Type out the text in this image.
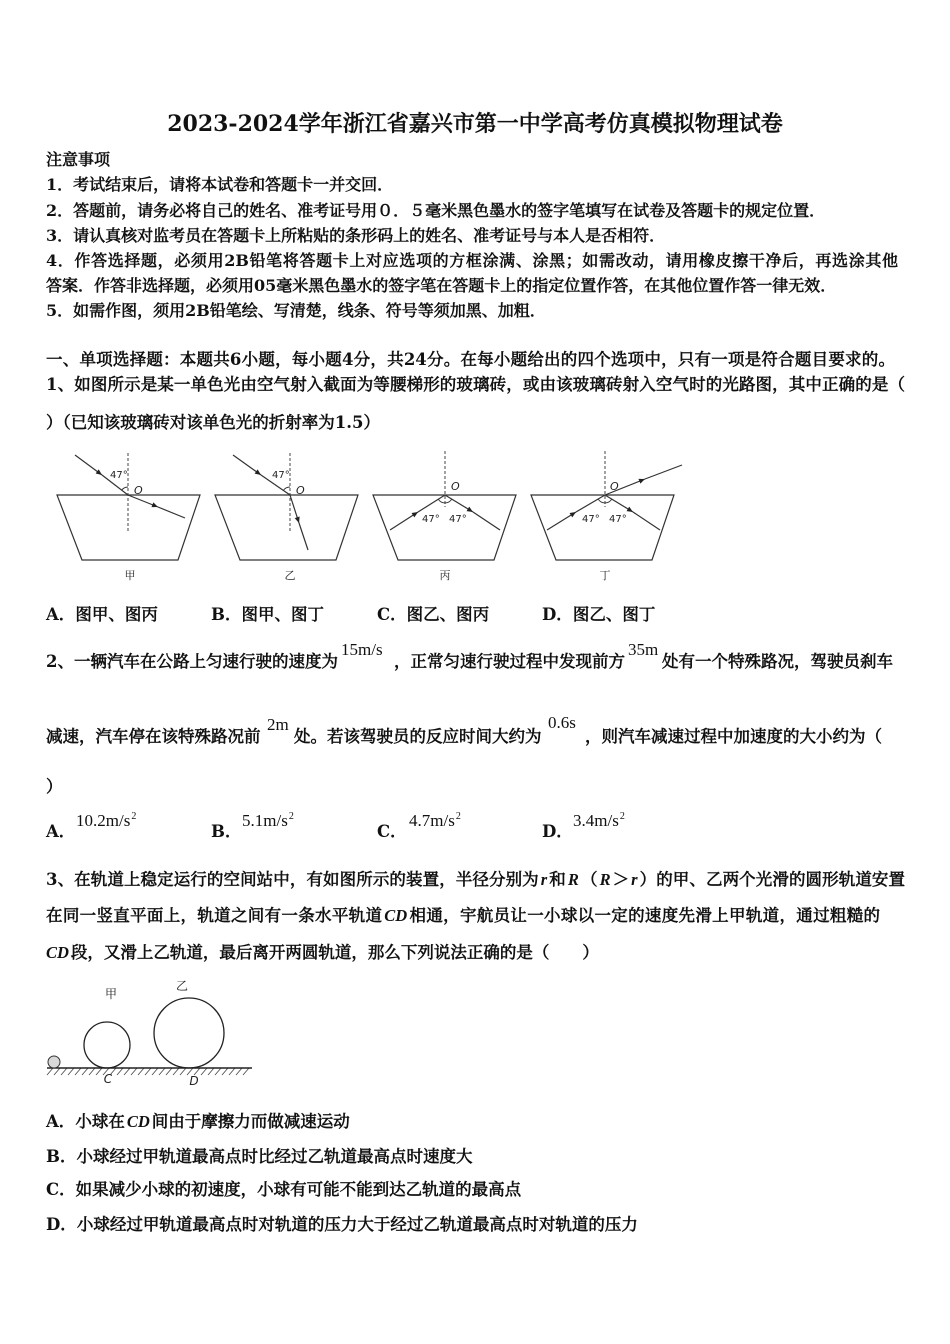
2023-2024学年浙江省嘉兴市第一中学高考仿真模拟物理试卷
注意事项
1．考试结束后，请将本试卷和答题卡一并交回．
2．答题前，请务必将自己的姓名、准考证号用０．５毫米黑色墨水的签字笔填写在试卷及答题卡的规定位置．
3．请认真核对监考员在答题卡上所粘贴的条形码上的姓名、准考证号与本人是否相符．
4．作答选择题，必须用2B铅笔将答题卡上对应选项的方框涂满、涂黑；如需改动，请用橡皮擦干净后，再选涂其他
答案．作答非选择题，必须用05毫米黑色墨水的签字笔在答题卡上的指定位置作答，在其他位置作答一律无效．
5．如需作图，须用2B铅笔绘、写清楚，线条、符号等须加黑、加粗．
一、单项选择题：本题共6小题，每小题4分，共24分。在每小题给出的四个选项中，只有一项是符合题目要求的。
1、如图所示是某一单色光由空气射入截面为等腰梯形的玻璃砖，或由该玻璃砖射入空气时的光路图，其中正确的是（
）（已知该玻璃砖对该单色光的折射率为1.5）
47°
O
甲
47°
O
乙
47° 47°
O
丙
47° 47°
O
丁
A．图甲、图丙	B．图甲、图丁	C．图乙、图丙	D．图乙、图丁
2、一辆汽车在公路上匀速行驶的速度为
15m/s
，正常匀速行驶过程中发现前方
35m
处有一个特殊路况，驾驶员刹车
减速，汽车停在该特殊路况前
2m
处。若该驾驶员的反应时间大约为
0.6s
，则汽车减速过程中加速度的大小约为（
）
A．
$10.2m/s^2$
B．
$5.1m/s^2$
C．
$4.7m/s^2$
D．
$3.4m/s^2$
3、在轨道上稳定运行的空间站中，有如图所示的装置，半径分别为 r 和 R （ R ＞ r ）的甲、乙两个光滑的圆形轨道安置
在同一竖直平面上，轨道之间有一条水平轨道 CD 相通，宇航员让一小球以一定的速度先滑上甲轨道，通过粗糙的
CD 段，又滑上乙轨道，最后离开两圆轨道，那么下列说法正确的是（　　）
甲
乙
C	D
A．小球在 CD 间由于摩擦力而做减速运动
B．小球经过甲轨道最高点时比经过乙轨道最高点时速度大
C．如果减少小球的初速度，小球有可能不能到达乙轨道的最高点
D．小球经过甲轨道最高点时对轨道的压力大于经过乙轨道最高点时对轨道的压力
